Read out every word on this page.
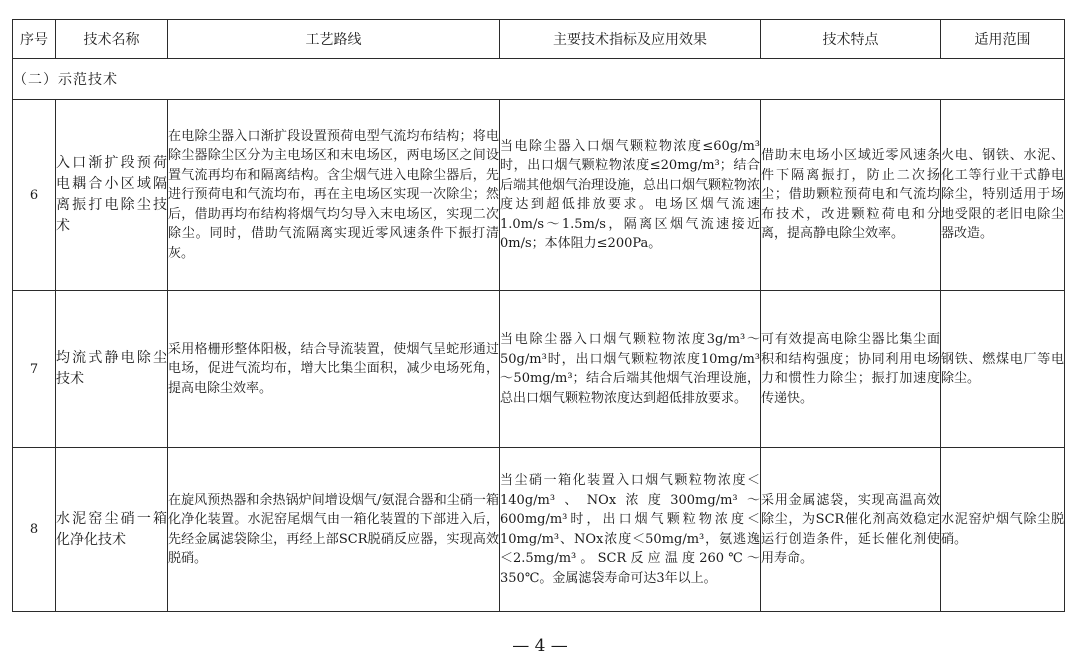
序号	技术名称	工艺路线	主要技术指标及应用效果	技术特点	适用范围
（二）示范技术					
6	入口渐扩段预荷电耦合小区域隔离振打电除尘技术	在电除尘器入口渐扩段设置预荷电型气流均布结构；将电除尘器除尘区分为主电场区和末电场区，两电场区之间设置气流再均布和隔离结构。含尘烟气进入电除尘器后，先进行预荷电和气流均布，再在主电场区实现一次除尘；然后，借助再均布结构将烟气均匀导入末电场区，实现二次除尘。同时，借助气流隔离实现近零风速条件下振打清灰。	当电除尘器入口烟气颗粒物浓度≤60g/m³时，出口烟气颗粒物浓度≤20mg/m³；结合后端其他烟气治理设施，总出口烟气颗粒物浓度达到超低排放要求。电场区烟气流速1.0m/s～1.5m/s，隔离区烟气流速接近0m/s；本体阻力≤200Pa。	借助末电场小区域近零风速条件下隔离振打，防止二次扬尘；借助颗粒预荷电和气流均布技术，改进颗粒荷电和分离，提高静电除尘效率。	火电、钢铁、水泥、化工等行业干式静电除尘，特别适用于场地受限的老旧电除尘器改造。
7	均流式静电除尘技术	采用格栅形整体阳极，结合导流装置，使烟气呈蛇形通过电场，促进气流均布，增大比集尘面积，减少电场死角，提高电除尘效率。	当电除尘器入口烟气颗粒物浓度3g/m³～50g/m³时，出口烟气颗粒物浓度10mg/m³～50mg/m³；结合后端其他烟气治理设施，总出口烟气颗粒物浓度达到超低排放要求。	可有效提高电除尘器比集尘面积和结构强度；协同利用电场力和惯性力除尘；振打加速度传递快。	钢铁、燃煤电厂等电除尘。
8	水泥窑尘硝一箱化净化技术	在旋风预热器和余热锅炉间增设烟气/氨混合器和尘硝一箱化净化装置。水泥窑尾烟气由一箱化装置的下部进入后，先经金属滤袋除尘，再经上部SCR脱硝反应器，实现高效脱硝。	当尘硝一箱化装置入口烟气颗粒物浓度＜140g/m³、NOx浓度300mg/m³～600mg/m³时，出口烟气颗粒物浓度＜10mg/m³、NOx浓度＜50mg/m³，氨逃逸＜2.5mg/m³。SCR反应温度260℃～350℃。金属滤袋寿命可达3年以上。	采用金属滤袋，实现高温高效除尘，为SCR催化剂高效稳定运行创造条件，延长催化剂使用寿命。	水泥窑炉烟气除尘脱硝。
— 4 —
